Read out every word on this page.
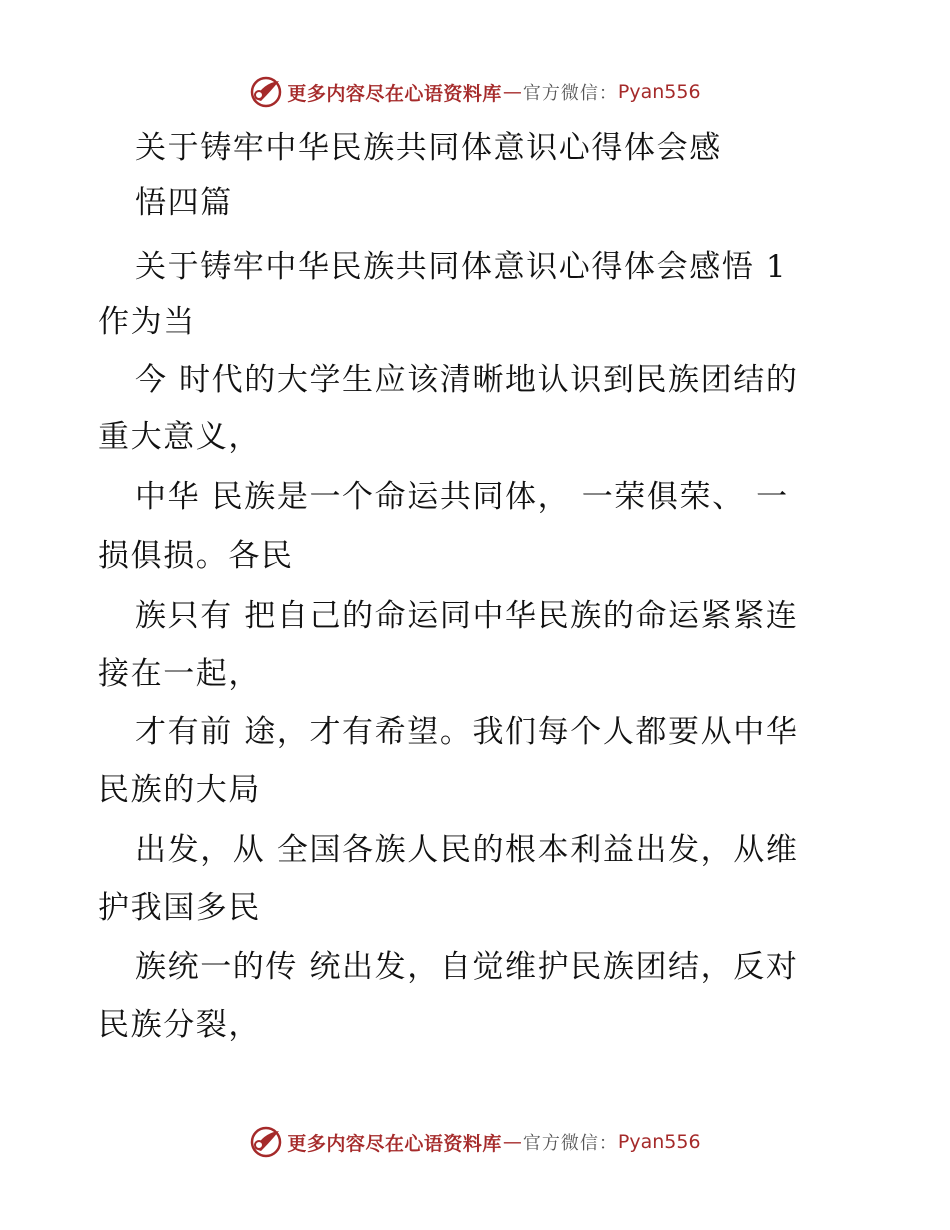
更多内容尽在心语资料库 — 官方微信： Pyan556
关于铸牢中华民族共同体意识心得体会感
悟四篇
关于铸牢中华民族共同体意识心得体会感悟 1
作为当
今 时代的大学生应该清晰地认识到民族团结的
重大意义，
中华 民族是一个命运共同体， 一荣俱荣、 一
损俱损。各民
族只有 把自己的命运同中华民族的命运紧紧连
接在一起，
才有前 途，才有希望。我们每个人都要从中华
民族的大局
出发，从 全国各族人民的根本利益出发，从维
护我国多民
族统一的传 统出发，自觉维护民族团结，反对
民族分裂，
更多内容尽在心语资料库 — 官方微信： Pyan556
